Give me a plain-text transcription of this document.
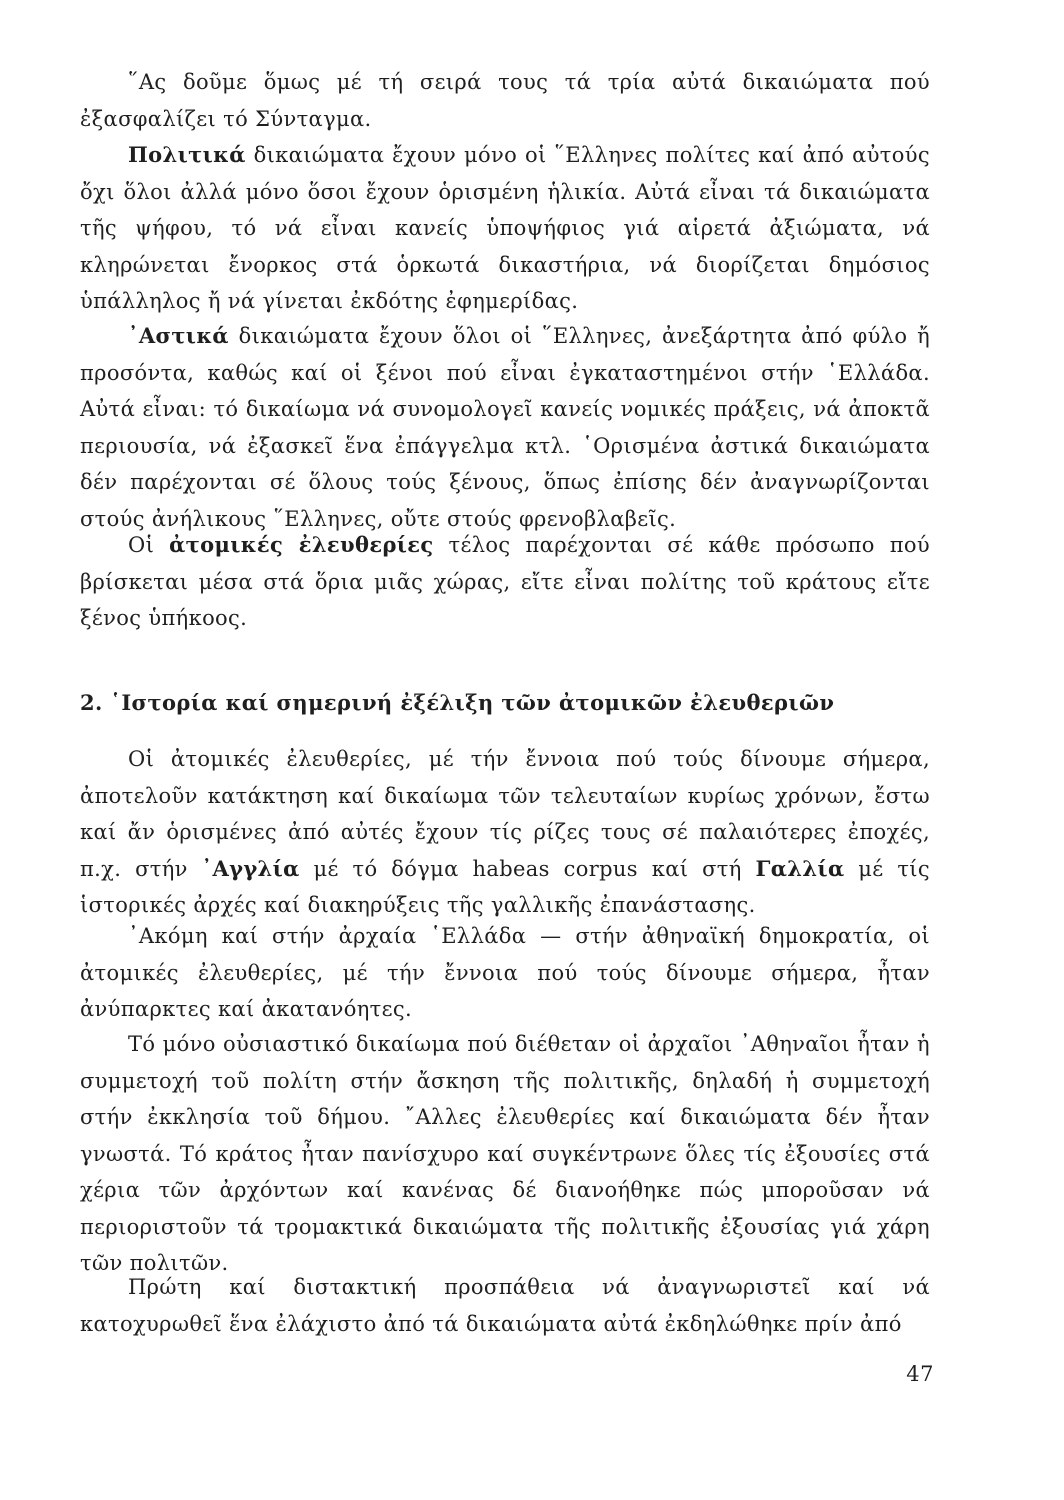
῞Ας δοῦμε ὅμως μέ τή σειρά τους τά τρία αὐτά δικαιώματα πού ἐξασφαλίζει τό Σύνταγμα.

Πολιτικά δικαιώματα ἔχουν μόνο οἱ ῞Ελληνες πολίτες καί ἀπό αὐτούς ὄχι ὅλοι ἀλλά μόνο ὅσοι ἔχουν ὁρισμένη ἡλικία. Αὐτά εἶναι τά δικαιώματα τῆς ψήφου, τό νά εἶναι κανείς ὑποψήφιος γιά αἱρετά ἀξιώματα, νά κληρώνεται ἔνορκος στά ὁρκωτά δικαστήρια, νά διορίζεται δημόσιος ὑπάλληλος ἤ νά γίνεται ἐκδότης ἐφημερίδας.

᾿Αστικά δικαιώματα ἔχουν ὅλοι οἱ ῞Ελληνες, ἀνεξάρτητα ἀπό φύλο ἤ προσόντα, καθώς καί οἱ ξένοι πού εἶναι ἐγκαταστημένοι στήν ῾Ελλάδα. Αὐτά εἶναι: τό δικαίωμα νά συνομολογεῖ κανείς νομικές πράξεις, νά ἀποκτᾶ περιουσία, νά ἐξασκεῖ ἕνα ἐπάγγελμα κτλ. ῾Ορισμένα ἀστικά δικαιώματα δέν παρέχονται σέ ὅλους τούς ξένους, ὅπως ἐπίσης δέν ἀναγνωρίζονται στούς ἀνήλικους ῞Ελληνες, οὔτε στούς φρενοβλαβεῖς.

Οἱ ἀτομικές ἐλευθερίες τέλος παρέχονται σέ κάθε πρόσωπο πού βρίσκεται μέσα στά ὅρια μιᾶς χώρας, εἴτε εἶναι πολίτης τοῦ κράτους εἴτε ξένος ὑπήκοος.

2. ῾Ιστορία καί σημερινή ἐξέλιξη τῶν ἀτομικῶν ἐλευθεριῶν

Οἱ ἀτομικές ἐλευθερίες, μέ τήν ἔννοια πού τούς δίνουμε σήμερα, ἀποτελοῦν κατάκτηση καί δικαίωμα τῶν τελευταίων κυρίως χρόνων, ἔστω καί ἄν ὁρισμένες ἀπό αὐτές ἔχουν τίς ρίζες τους σέ παλαιότερες ἐποχές, π.χ. στήν ᾿Αγγλία μέ τό δόγμα habeas corpus καί στή Γαλλία μέ τίς ἱστορικές ἀρχές καί διακηρύξεις τῆς γαλλικῆς ἐπανάστασης.

᾿Ακόμη καί στήν ἀρχαία ῾Ελλάδα — στήν ἀθηναϊκή δημοκρατία, οἱ ἀτομικές ἐλευθερίες, μέ τήν ἔννοια πού τούς δίνουμε σήμερα, ἦταν ἀνύπαρκτες καί ἀκατανόητες.

Τό μόνο οὐσιαστικό δικαίωμα πού διέθεταν οἱ ἀρχαῖοι ᾿Αθηναῖοι ἦταν ἡ συμμετοχή τοῦ πολίτη στήν ἄσκηση τῆς πολιτικῆς, δηλαδή ἡ συμμετοχή στήν ἐκκλησία τοῦ δήμου. ῎Αλλες ἐλευθερίες καί δικαιώματα δέν ἦταν γνωστά. Τό κράτος ἦταν πανίσχυρο καί συγκέντρωνε ὅλες τίς ἐξουσίες στά χέρια τῶν ἀρχόντων καί κανένας δέ διανοήθηκε πώς μποροῦσαν νά περιοριστοῦν τά τρομακτικά δικαιώματα τῆς πολιτικῆς ἐξουσίας γιά χάρη τῶν πολιτῶν.

Πρώτη καί διστακτική προσπάθεια νά ἀναγνωριστεῖ καί νά κατοχυρωθεῖ ἕνα ἐλάχιστο ἀπό τά δικαιώματα αὐτά ἐκδηλώθηκε πρίν ἀπό

47
